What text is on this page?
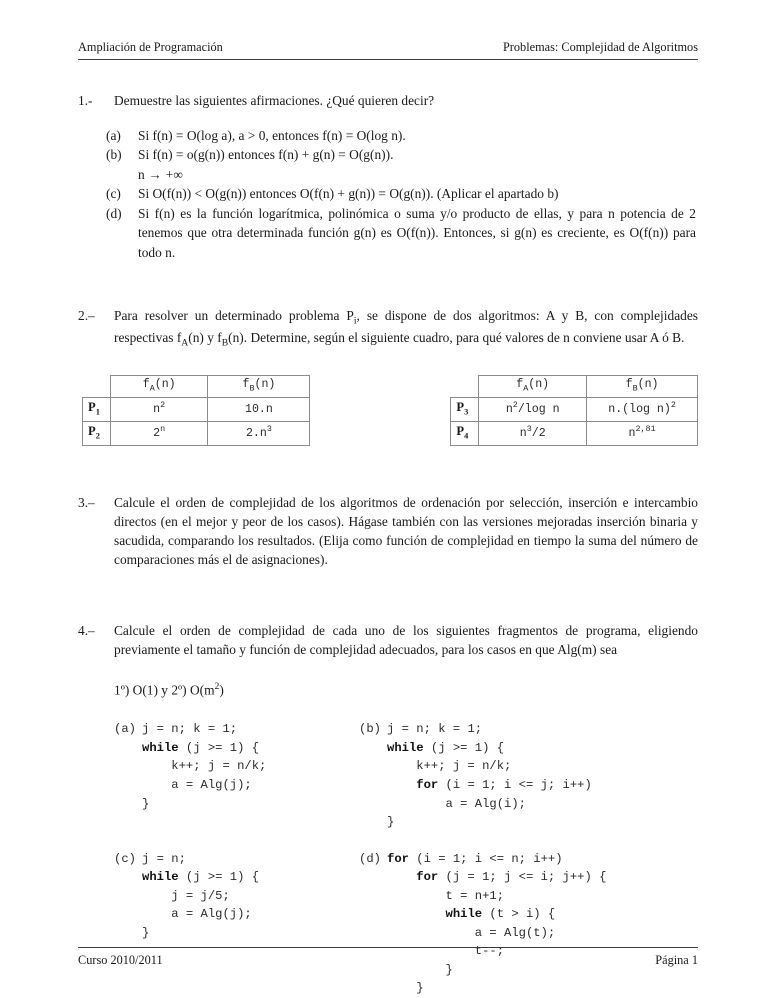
Ampliación de Programación	Problemas: Complejidad de Algoritmos
1.-	Demuestre las siguientes afirmaciones. ¿Qué quieren decir?
(a)	Si f(n) = O(log a), a > 0, entonces f(n) = O(log n).
(b)	Si f(n) = o(g(n)) entonces f(n) + g(n) = O(g(n)).
n → +∞
(c)	Si O(f(n)) < O(g(n)) entonces O(f(n) + g(n)) = O(g(n)). (Aplicar el apartado b)
(d)	Si f(n) es la función logarítmica, polinómica o suma y/o producto de ellas, y para n potencia de 2 tenemos que otra determinada función g(n) es O(f(n)). Entonces, si g(n) es creciente, es O(f(n)) para todo n.
2.–	Para resolver un determinado problema $P_i$, se dispone de dos algoritmos: A y B, con complejidades respectivas $f_A(n)$ y $f_B(n)$. Determine, según el siguiente cuadro, para qué valores de n conviene usar A ó B.
	$f_A(n)$	$f_B(n)$
$P_1$	$n^2$	10.n
$P_2$	2$^n$	$2.n^3$
	$f_A(n)$	$f_B(n)$
$P_3$	$n^2/\log$ n	n.(log n)$^2$
$P_4$	$n^3/2$	$n^{2,81}$
3.–	Calcule el orden de complejidad de los algoritmos de ordenación por selección, inserción e intercambio directos (en el mejor y peor de los casos). Hágase también con las versiones mejoradas inserción binaria y sacudida, comparando los resultados. (Elija como función de complejidad en tiempo la suma del número de comparaciones más el de asignaciones).
4.–	Calcule el orden de complejidad de cada uno de los siguientes fragmentos de programa, eligiendo previamente el tamaño y función de complejidad adecuados, para los casos en que Alg(m) sea
1º) O(1) y 2º) $O(m^2)$
(a) j = n; k = 1;
while (j >= 1) {
k++; j = n/k;
a = Alg(j);
}
(b) j = n; k = 1;
while (j >= 1) {
k++; j = n/k;
for (i = 1; i <= j; i++)
a = Alg(i);
}
(c) j = n;
while (j >= 1) {
j = j/5;
a = Alg(j);
}
(d) for (i = 1; i <= n; i++)
for (j = 1; j <= i; j++) {
t = n+1;
while (t > i) {
a = Alg(t);
t--;
}
}
Curso 2010/2011	Página 1
